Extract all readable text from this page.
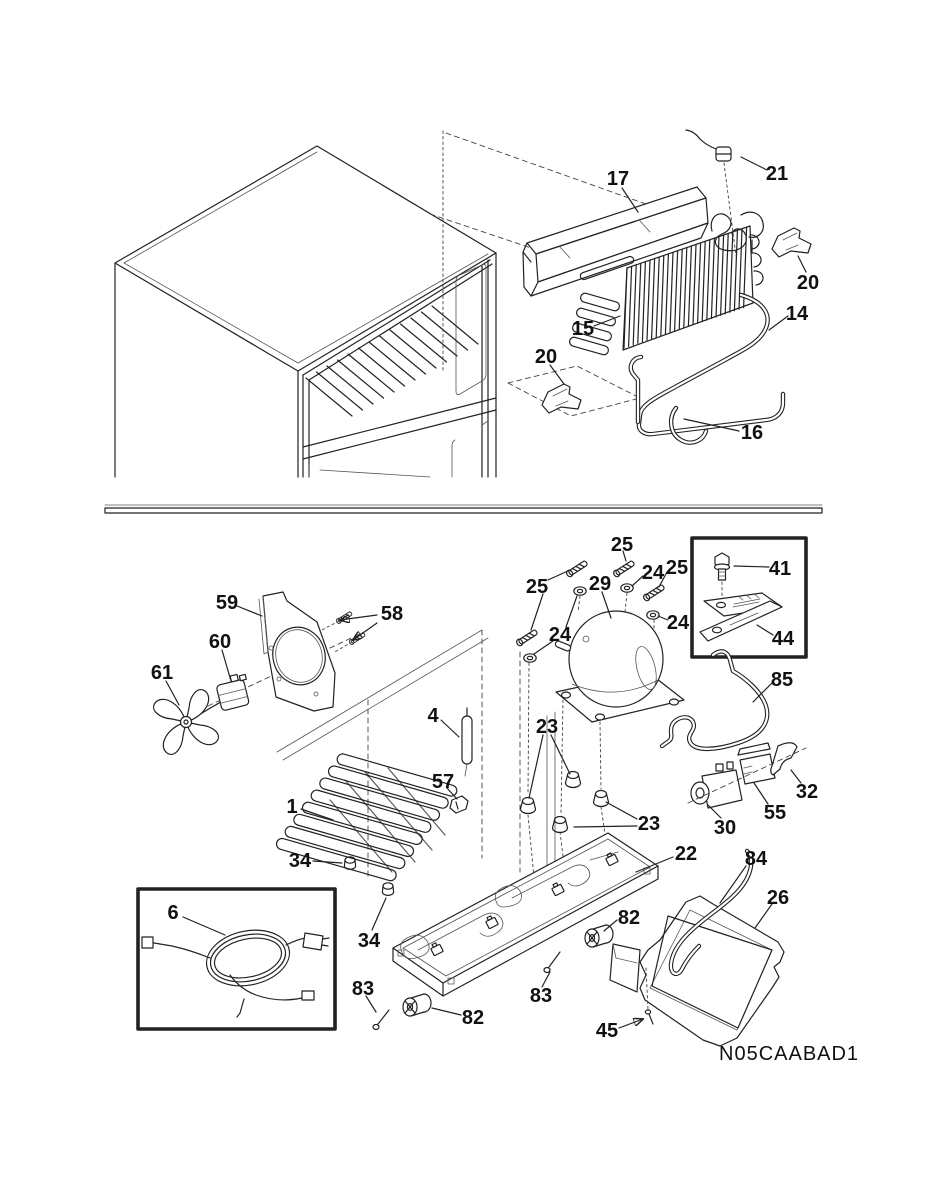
17	21
20
15
14
20
16
59	58
60
61
25
24 25
25
24
24
29
41
44
85
4	23
57
1
32
55
30
23
34	22 84
26
34
6	82
83	83
82
45
N05CAABAD1
